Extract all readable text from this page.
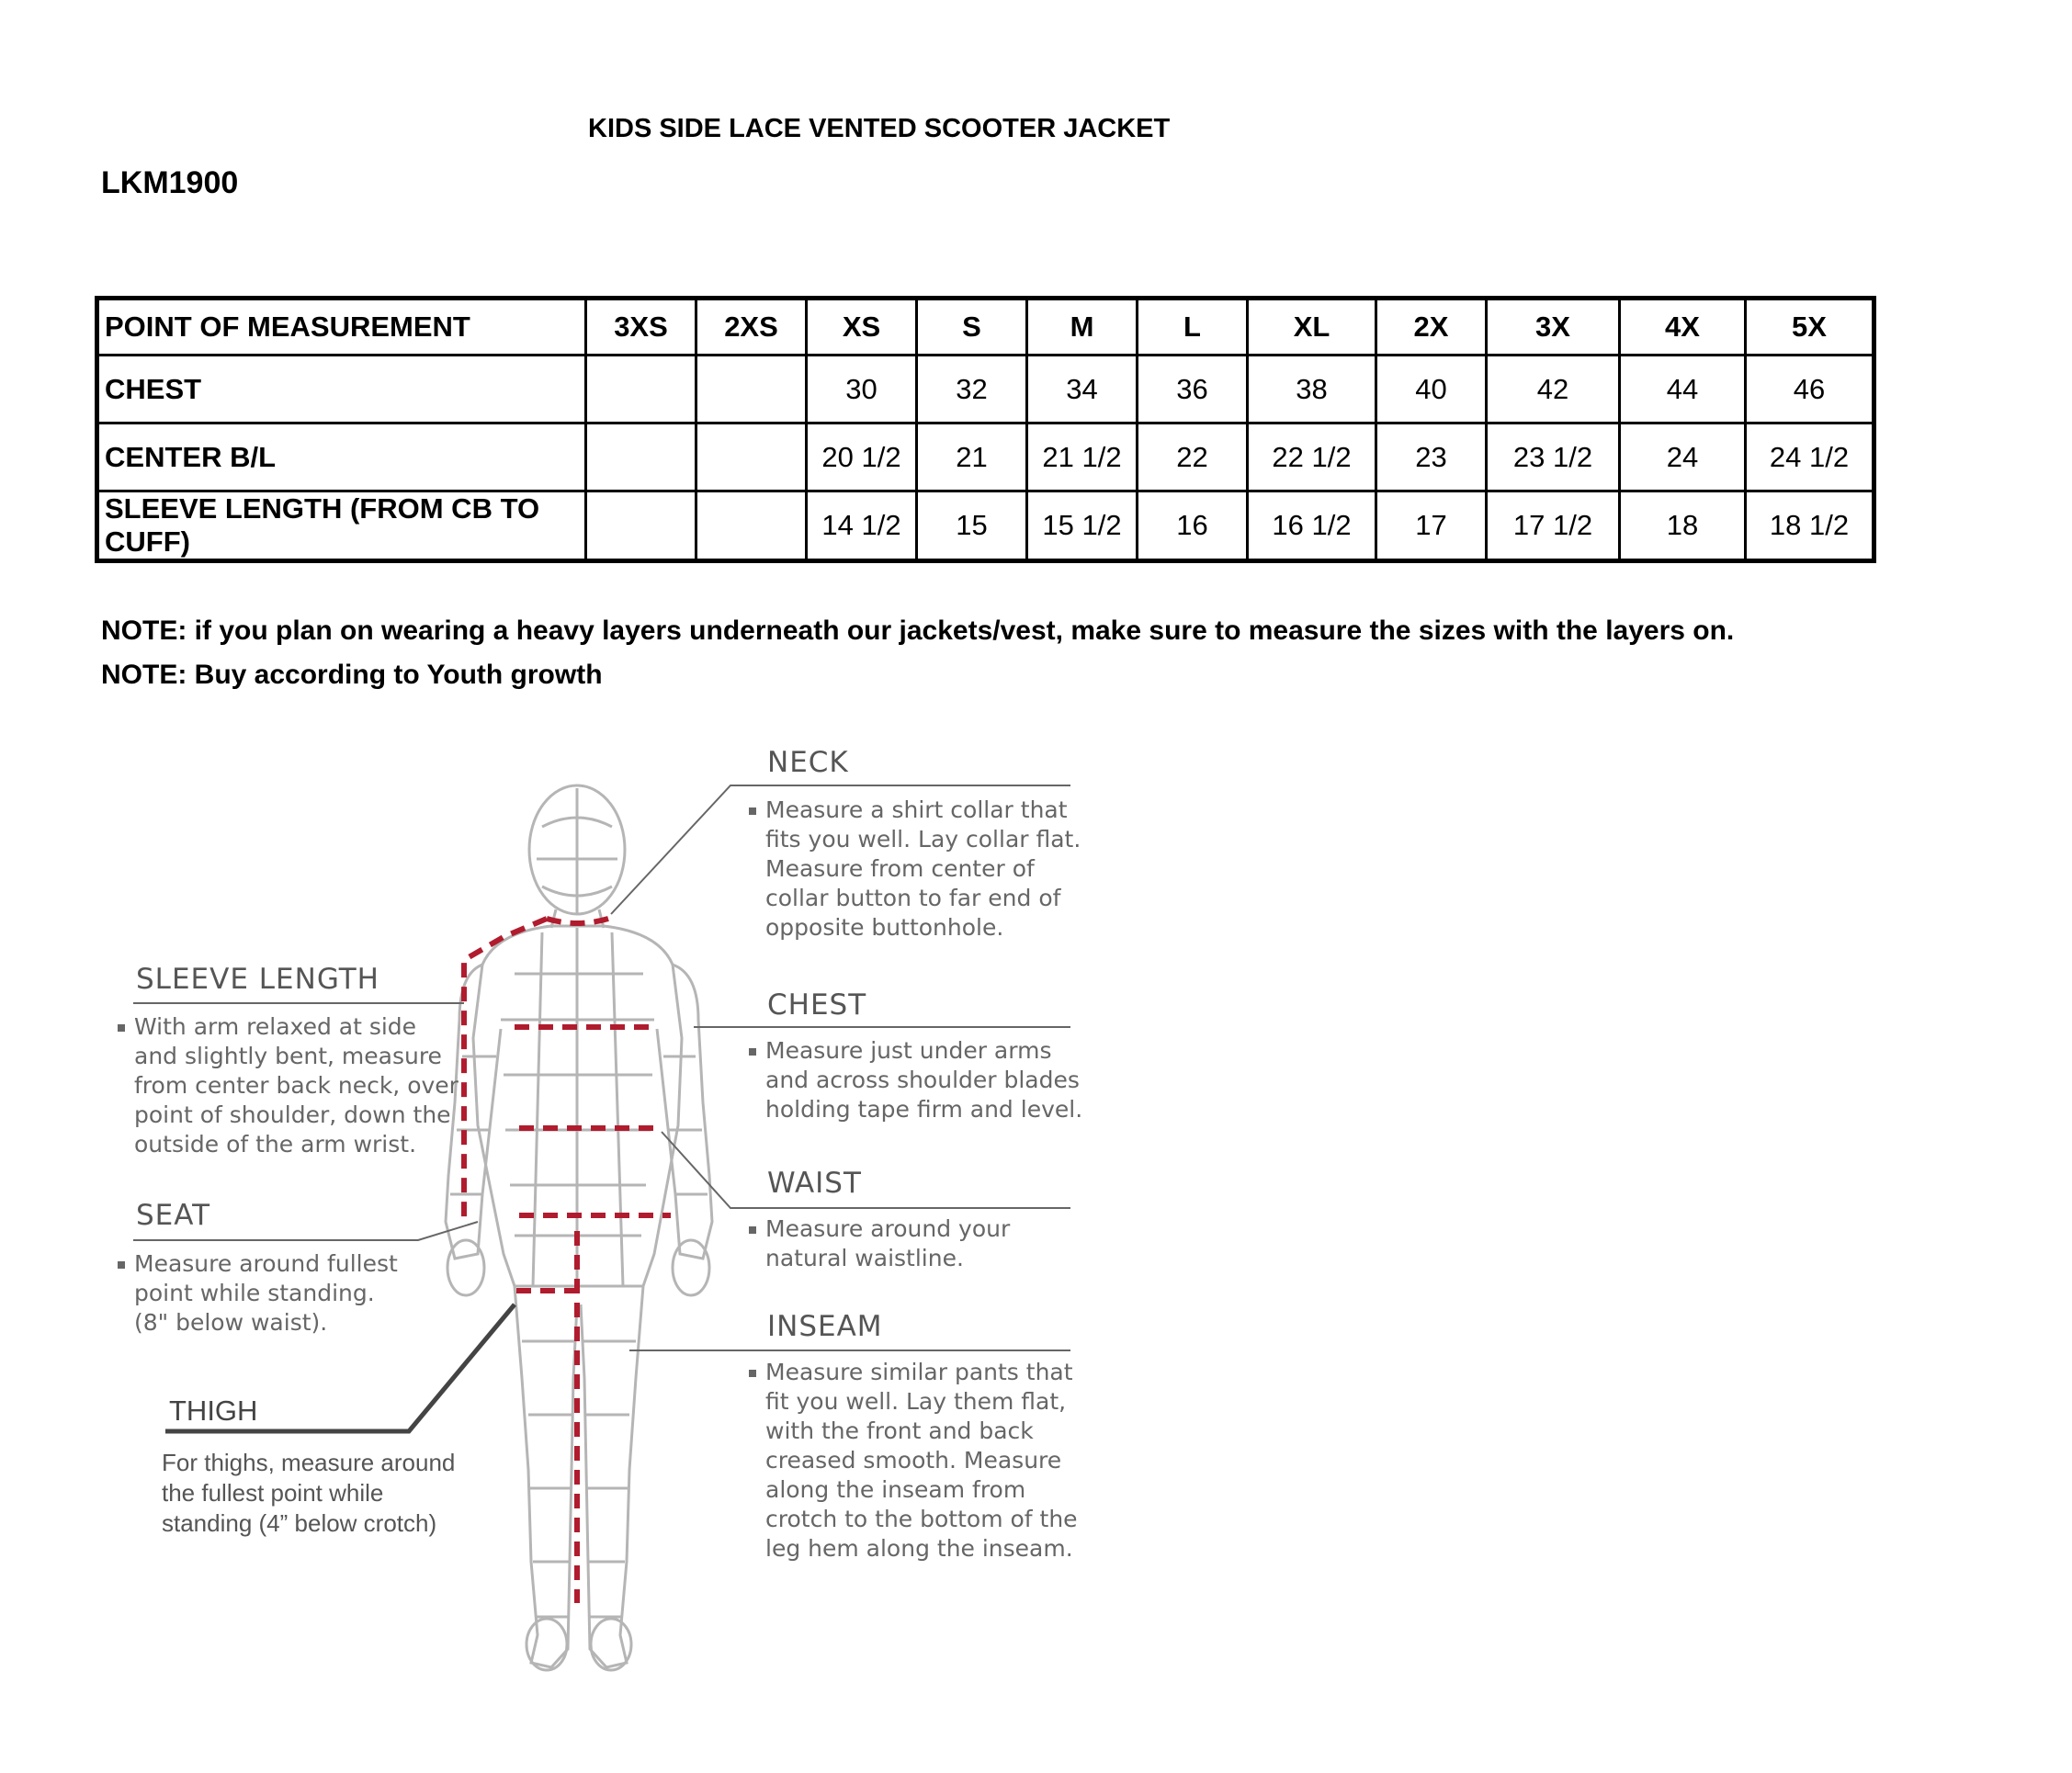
KIDS SIDE LACE VENTED SCOOTER JACKET
LKM1900
POINT OF MEASUREMENT	3XS	2XS	XS	S	M	L	XL	2X	3X	4X	5X
CHEST			30	32	34	36	38	40	42	44	46
CENTER B/L			20 1/2	21	21 1/2	22	22 1/2	23	23 1/2	24	24 1/2
SLEEVE LENGTH (FROM CB TO CUFF)			14 1/2	15	15 1/2	16	16 1/2	17	17 1/2	18	18 1/2
NOTE: if you plan on wearing a heavy layers underneath our jackets/vest, make sure to measure the sizes with the layers on.
NOTE: Buy according to Youth growth
NECK
Measure a shirt collar that
fits you well. Lay collar flat.
Measure from center of
collar button to far end of
opposite buttonhole.
CHEST
Measure just under arms
and across shoulder blades
holding tape firm and level.
WAIST
Measure around your
natural waistline.
INSEAM
Measure similar pants that
fit you well. Lay them flat,
with the front and back
creased smooth. Measure
along the inseam from
crotch to the bottom of the
leg hem along the inseam.
SLEEVE LENGTH
With arm relaxed at side
and slightly bent, measure
from center back neck, over
point of shoulder, down the
outside of the arm wrist.
SEAT
Measure around fullest
point while standing.
(8" below waist).
THIGH
For thighs, measure around
the fullest point while
standing (4” below crotch)
